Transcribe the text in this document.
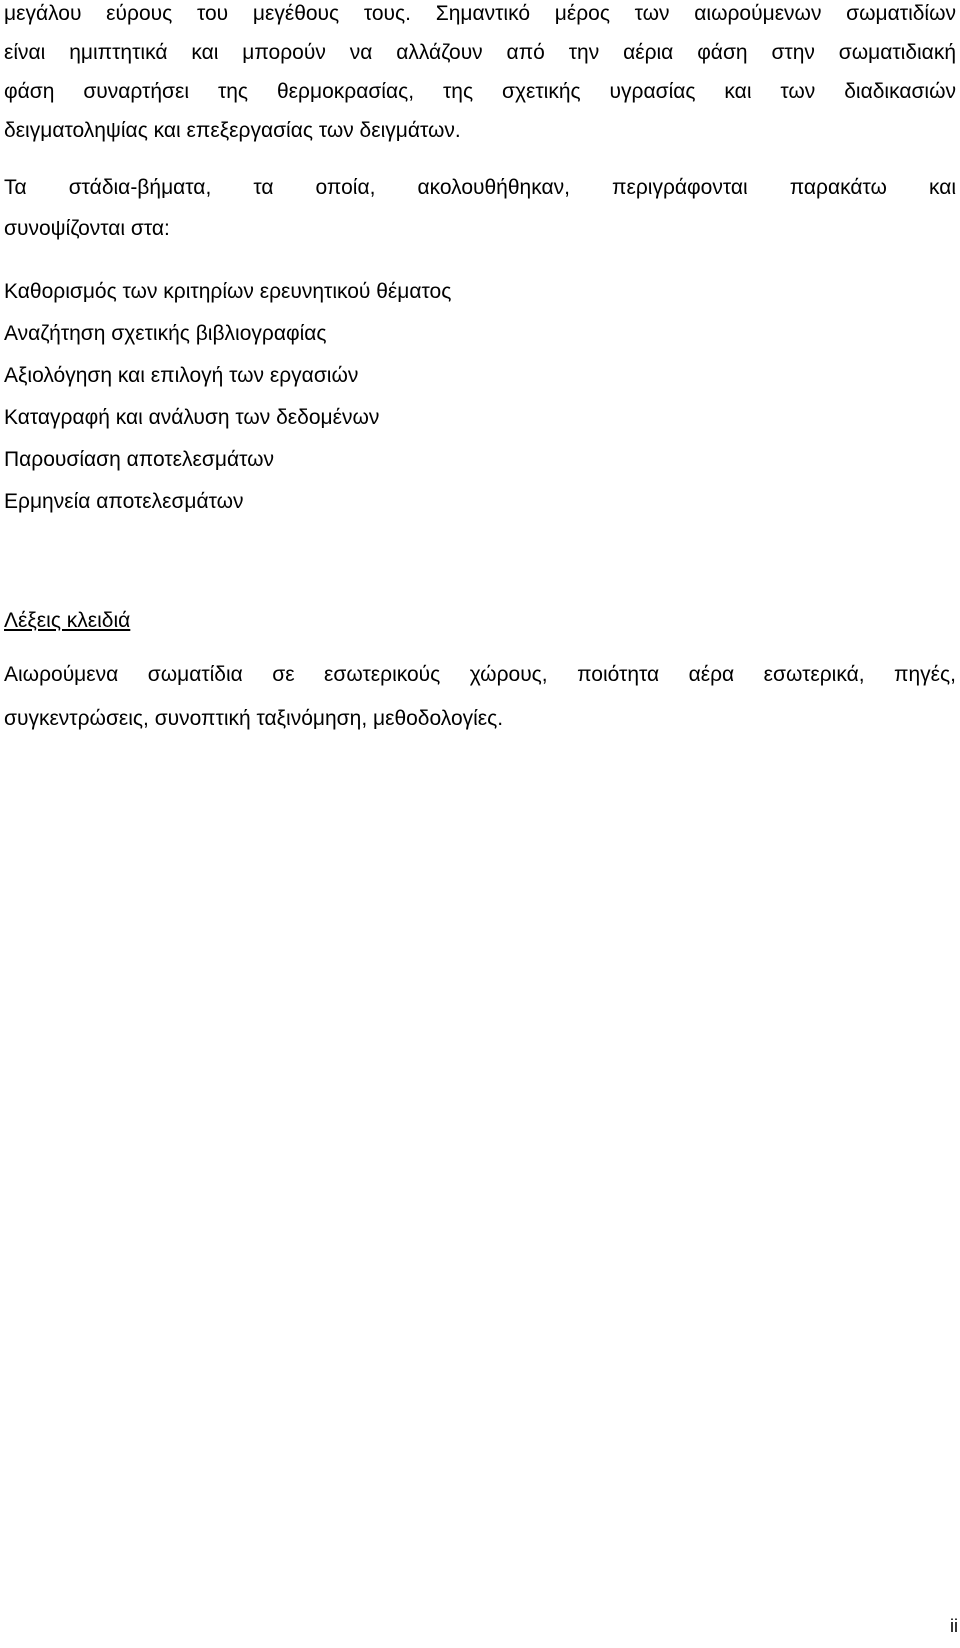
μεγάλου εύρους του μεγέθους τους. Σημαντικό μέρος των αιωρούμενων σωματιδίων
είναι ημιπτητικά και μπορούν να αλλάζουν από την αέρια φάση στην σωματιδιακή
φάση συναρτήσει της θερμοκρασίας, της σχετικής υγρασίας και των διαδικασιών
δειγματοληψίας και επεξεργασίας των δειγμάτων.
Τα στάδια-βήματα, τα οποία, ακολουθήθηκαν, περιγράφονται παρακάτω και
συνοψίζονται στα:
Καθορισμός των κριτηρίων ερευνητικού θέματος
Αναζήτηση σχετικής βιβλιογραφίας
Αξιολόγηση και επιλογή των εργασιών
Καταγραφή και ανάλυση των δεδομένων
Παρουσίαση αποτελεσμάτων
Ερμηνεία αποτελεσμάτων
Λέξεις κλειδιά
Αιωρούμενα σωματίδια σε εσωτερικούς χώρους, ποιότητα αέρα εσωτερικά, πηγές,
συγκεντρώσεις, συνοπτική ταξινόμηση, μεθοδολογίες.
ii
